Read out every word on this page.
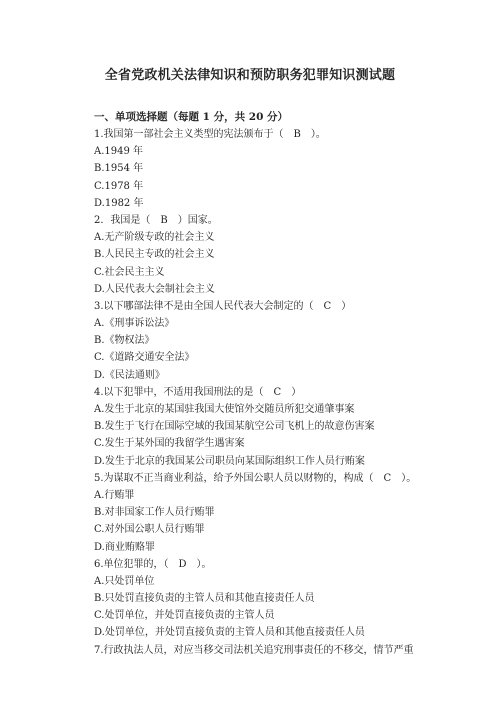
全省党政机关法律知识和预防职务犯罪知识测试题
一、单项选择题（每题 1 分，共 20 分）
1.我国第一部社会主义类型的宪法颁布于（　B　）。
A.1949 年
B.1954 年
C.1978 年
D.1982 年
2．我国是（　B　）国家。
A.无产阶级专政的社会主义
B.人民民主专政的社会主义
C.社会民主主义
D.人民代表大会制社会主义
3.以下哪部法律不是由全国人民代表大会制定的（　C　）
A.《刑事诉讼法》
B.《物权法》
C.《道路交通安全法》
D.《民法通则》
4.以下犯罪中，不适用我国刑法的是（　C　）
A.发生于北京的某国驻我国大使馆外交随员所犯交通肇事案
B.发生于飞行在国际空域的我国某航空公司飞机上的故意伤害案
C.发生于某外国的我留学生遇害案
D.发生于北京的我国某公司职员向某国际组织工作人员行贿案
5.为谋取不正当商业利益，给予外国公职人员以财物的，构成（　C　）。
A.行贿罪
B.对非国家工作人员行贿罪
C.对外国公职人员行贿罪
D.商业贿赂罪
6.单位犯罪的，（　D　）。
A.只处罚单位
B.只处罚直接负责的主管人员和其他直接责任人员
C.处罚单位，并处罚直接负责的主管人员
D.处罚单位，并处罚直接负责的主管人员和其他直接责任人员
7.行政执法人员，对应当移交司法机关追究刑事责任的不移交，情节严重
